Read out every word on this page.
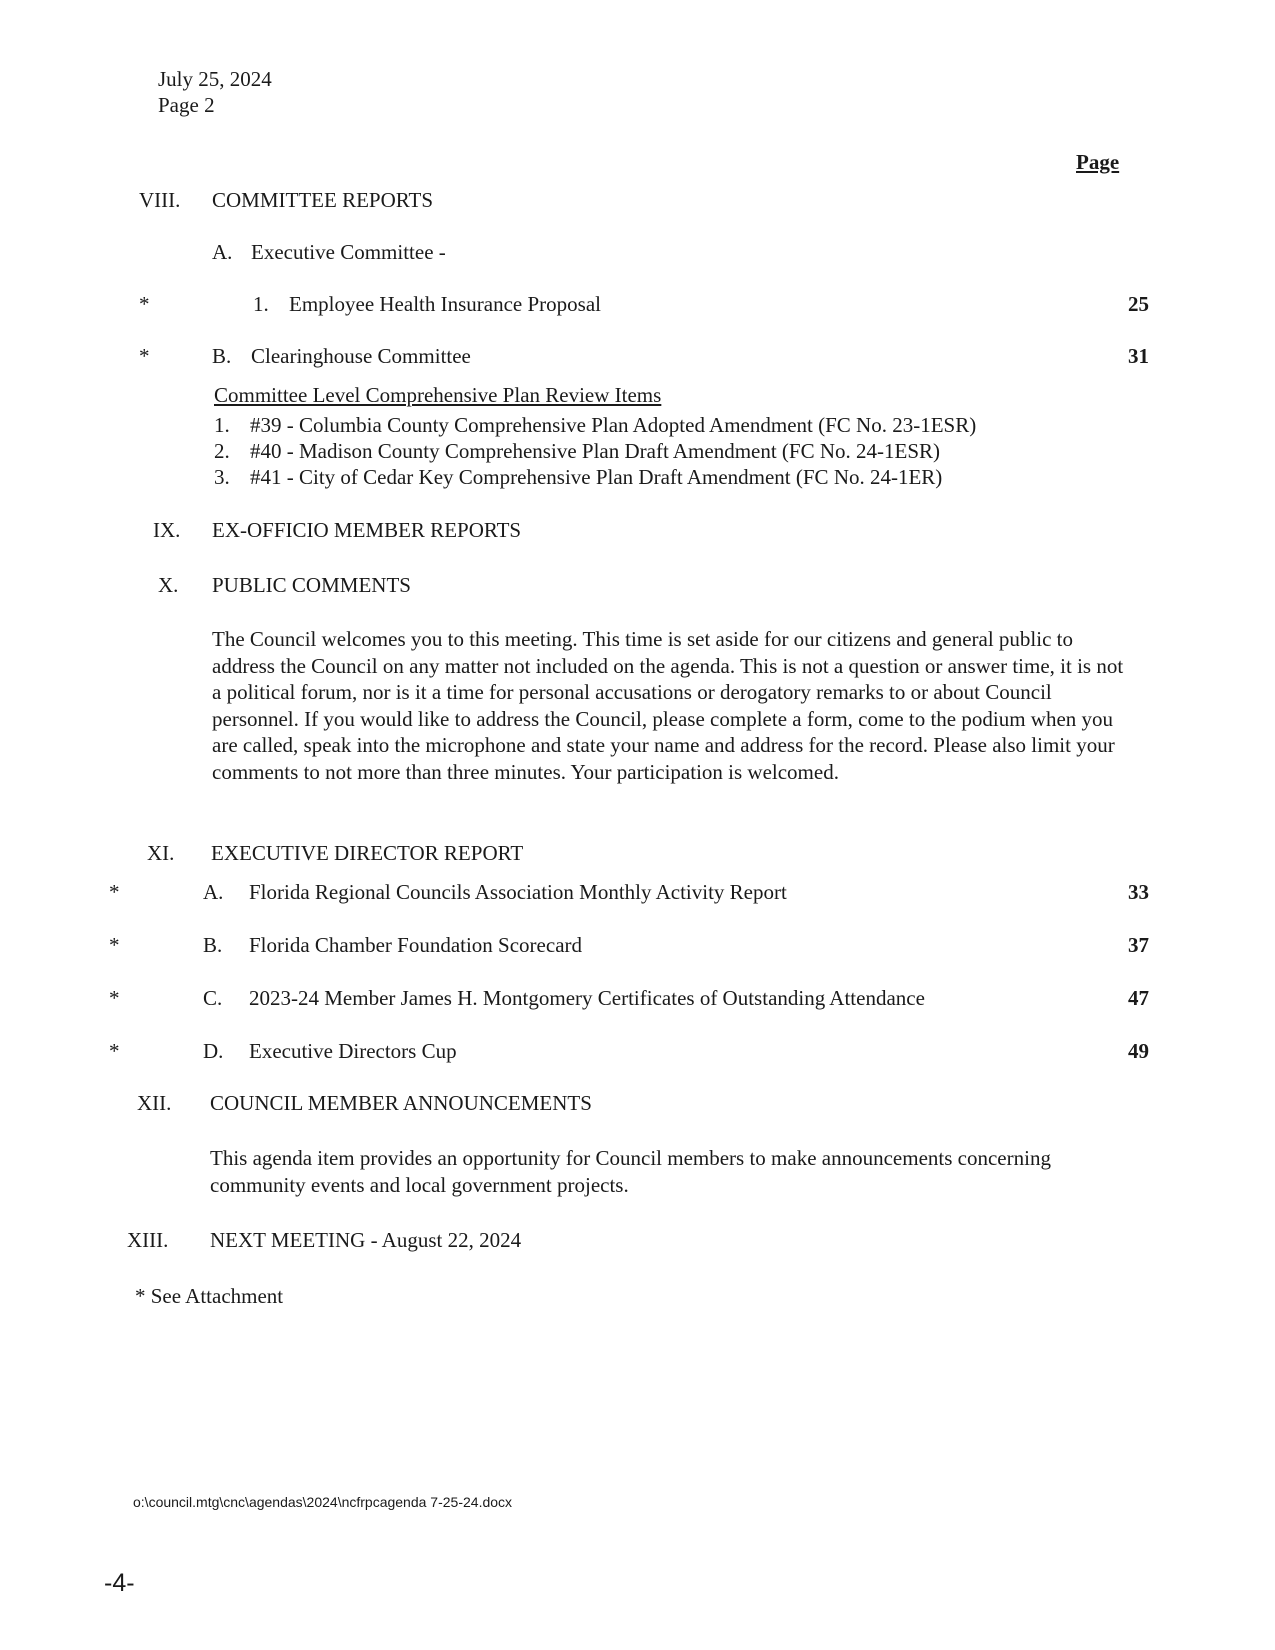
July 25, 2024
Page 2
Page
VIII. COMMITTEE REPORTS
A. Executive Committee -
*	1. Employee Health Insurance Proposal	25
*	B. Clearinghouse Committee	31
Committee Level Comprehensive Plan Review Items
1. #39 - Columbia County Comprehensive Plan Adopted Amendment (FC No. 23-1ESR)
2. #40 - Madison County Comprehensive Plan Draft Amendment (FC No. 24-1ESR)
3. #41 - City of Cedar Key Comprehensive Plan Draft Amendment (FC No. 24-1ER)
IX. EX-OFFICIO MEMBER REPORTS
X. PUBLIC COMMENTS
The Council welcomes you to this meeting. This time is set aside for our citizens and general public to address the Council on any matter not included on the agenda. This is not a question or answer time, it is not a political forum, nor is it a time for personal accusations or derogatory remarks to or about Council personnel. If you would like to address the Council, please complete a form, come to the podium when you are called, speak into the microphone and state your name and address for the record. Please also limit your comments to not more than three minutes. Your participation is welcomed.
XI. EXECUTIVE DIRECTOR REPORT
*	A. Florida Regional Councils Association Monthly Activity Report	33
*	B. Florida Chamber Foundation Scorecard	37
*	C. 2023-24 Member James H. Montgomery Certificates of Outstanding Attendance	47
*	D. Executive Directors Cup	49
XII. COUNCIL MEMBER ANNOUNCEMENTS
This agenda item provides an opportunity for Council members to make announcements concerning community events and local government projects.
XIII. NEXT MEETING - August 22, 2024
* See Attachment
o:\council.mtg\cnc\agendas\2024\ncfrpcagenda 7-25-24.docx
-4-
